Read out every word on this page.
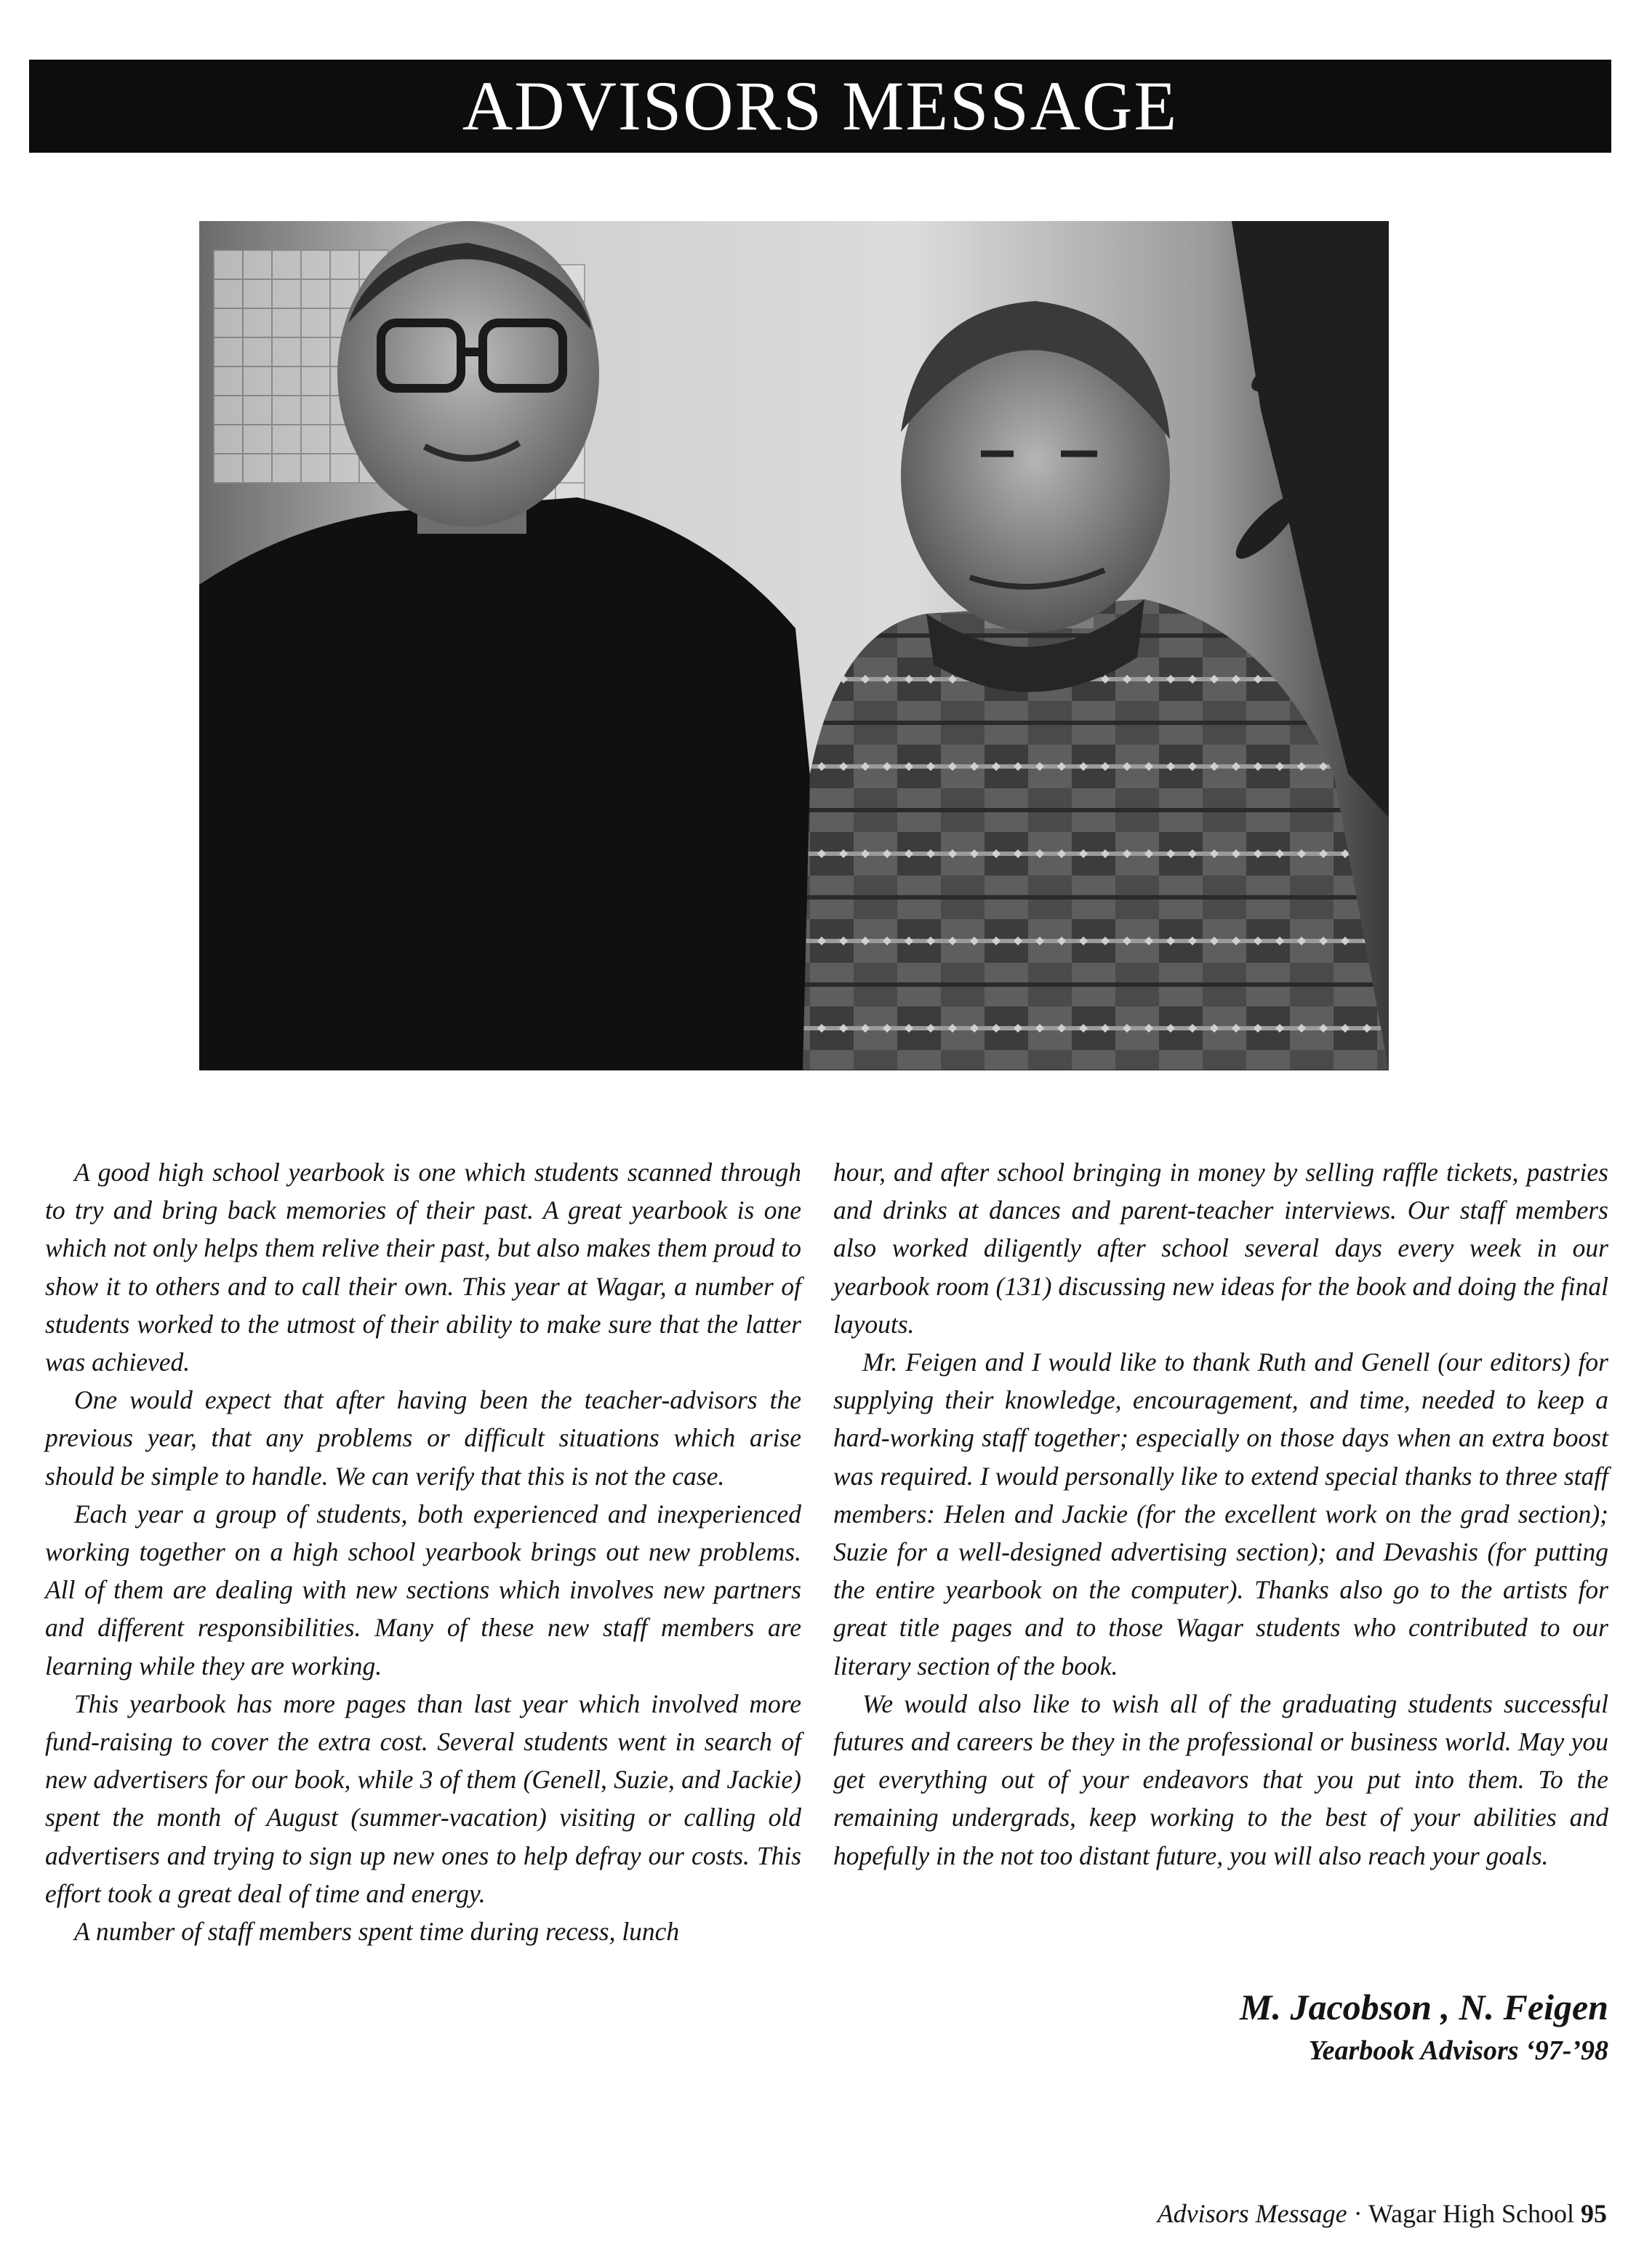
ADVISORS MESSAGE

A good high school yearbook is one which students scanned through to try and bring back memories of their past. A great yearbook is one which not only helps them relive their past, but also makes them proud to show it to others and to call their own. This year at Wagar, a number of students worked to the utmost of their ability to make sure that the latter was achieved.

One would expect that after having been the teacher-advisors the previous year, that any problems or difficult situations which arise should be simple to handle. We can verify that this is not the case.

Each year a group of students, both experienced and inexperienced working together on a high school yearbook brings out new problems. All of them are dealing with new sections which involves new partners and different responsibilities. Many of these new staff members are learning while they are working.

This yearbook has more pages than last year which involved more fund-raising to cover the extra cost. Several students went in search of new advertisers for our book, while 3 of them (Genell, Suzie, and Jackie) spent the month of August (summer-vacation) visiting or calling old advertisers and trying to sign up new ones to help defray our costs. This effort took a great deal of time and energy.

A number of staff members spent time during recess, lunch

hour, and after school bringing in money by selling raffle tickets, pastries and drinks at dances and parent-teacher interviews. Our staff members also worked diligently after school several days every week in our yearbook room (131) discussing new ideas for the book and doing the final layouts.

Mr. Feigen and I would like to thank Ruth and Genell (our editors) for supplying their knowledge, encouragement, and time, needed to keep a hard-working staff together; especially on those days when an extra boost was required. I would personally like to extend special thanks to three staff members: Helen and Jackie (for the excellent work on the grad section); Suzie for a well-designed advertising section); and Devashis (for putting the entire yearbook on the computer). Thanks also go to the artists for great title pages and to those Wagar students who contributed to our literary section of the book.

We would also like to wish all of the graduating students successful futures and careers be they in the professional or business world. May you get everything out of your endeavors that you put into them. To the remaining undergrads, keep working to the best of your abilities and hopefully in the not too distant future, you will also reach your goals.

M. Jacobson , N. Feigen
Yearbook Advisors ‘97-’98
Advisors Message · Wagar High School 95
